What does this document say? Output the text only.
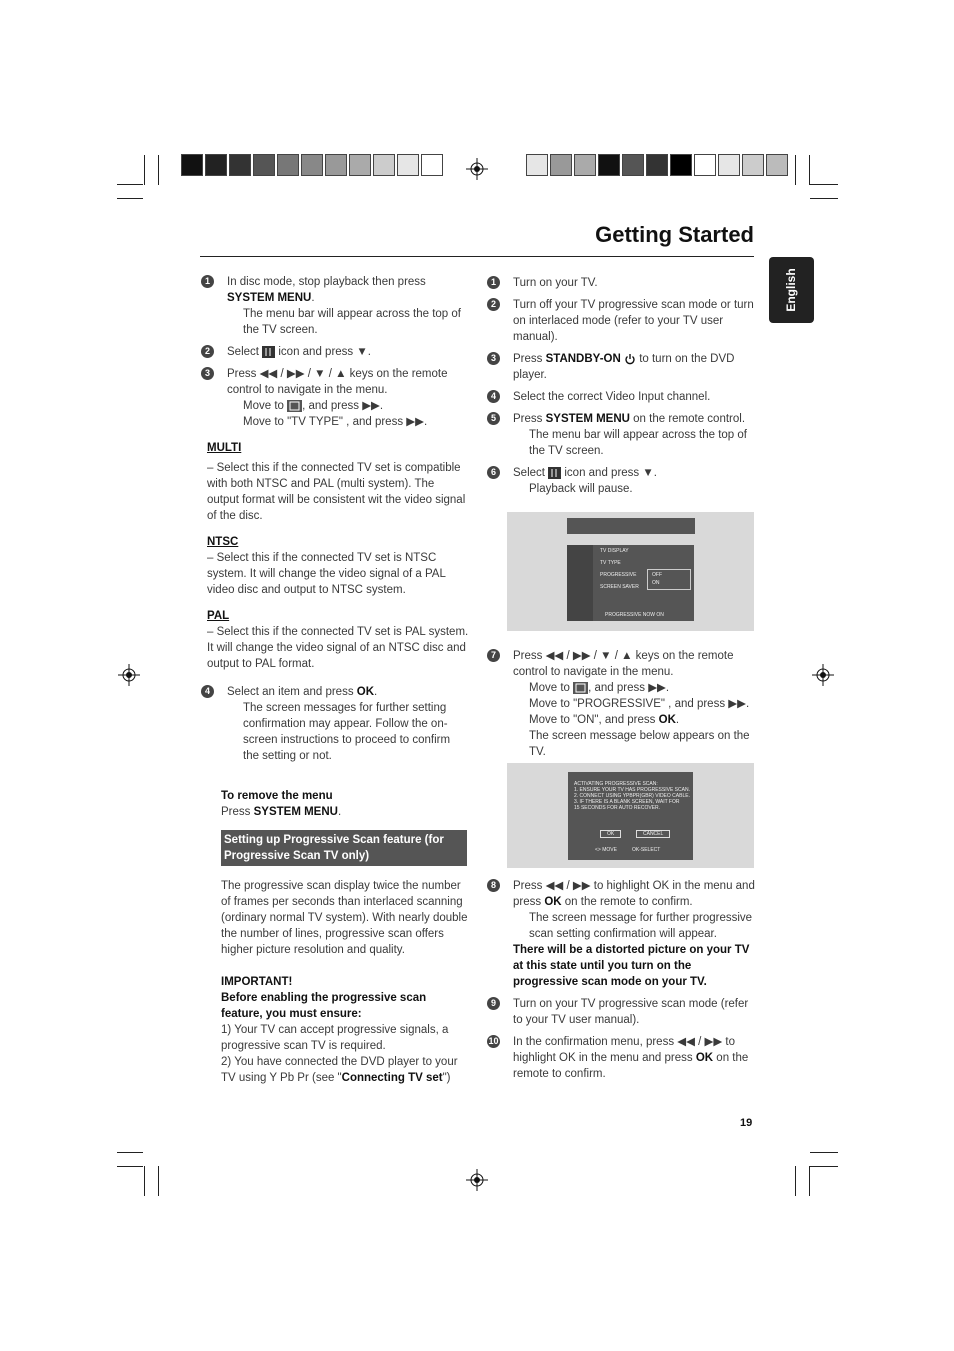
Getting Started
English
1	In disc mode, stop playback then press
SYSTEM MENU.
The menu bar will appear across the top of the TV screen.
2	Select icon and press ▼.
3	Press ◀◀ / ▶▶ / ▼ / ▲ keys on the remote control to navigate in the menu.
Move to , and press ▶▶.
Move to "TV TYPE" , and press ▶▶.
MULTI
– Select this if the connected TV set is compatible with both NTSC and PAL (multi system). The output format will be consistent wit the video signal of the disc.
NTSC
– Select this if the connected TV set is NTSC system. It will change the video signal of a PAL video disc and output to NTSC system.
PAL
– Select this if the connected TV set is PAL system. It will change the video signal of an NTSC disc and output to PAL format.
4	Select an item and press OK.
The screen messages for further setting confirmation may appear. Follow the on-screen instructions to proceed to confirm the setting or not.
To remove the menu
Press SYSTEM MENU.
Setting up Progressive Scan feature (for Progressive Scan TV only)
The progressive scan display twice the number of frames per seconds than interlaced scanning (ordinary normal TV system). With nearly double the number of lines, progressive scan offers higher picture resolution and quality.
IMPORTANT!
Before enabling the progressive scan feature, you must ensure:
1) Your TV can accept progressive signals, a progressive scan TV is required.
2) You have connected the DVD player to your TV using Y Pb Pr (see "Connecting TV set")
1	Turn on your TV.
2	Turn off your TV progressive scan mode or turn on interlaced mode (refer to your TV user manual).
3	Press STANDBY-ON to turn on the DVD player.
4	Select the correct Video Input channel.
5	Press SYSTEM MENU on the remote control.
The menu bar will appear across the top of the TV screen.
6	Select icon and press ▼.
Playback will pause.
TV DISPLAY
TV TYPE
PROGRESSIVE
SCREEN SAVER
OFF
ON
PROGRESSIVE NOW ON
7	Press ◀◀ / ▶▶ / ▼ / ▲ keys on the remote control to navigate in the menu.
Move to , and press ▶▶.
Move to "PROGRESSIVE" , and press ▶▶.
Move to "ON", and press OK.
The screen message below appears on the TV.
ACTIVATING PROGRESSIVE SCAN:
1. ENSURE YOUR TV HAS PROGRESSIVE SCAN.
2. CONNECT USING YPBPR(GBR) VIDEO CABLE.
3. IF THERE IS A BLANK SCREEN, WAIT FOR 15 SECONDS FOR AUTO RECOVER.
OK	CANCEL
<> MOVE	OK-SELECT
8	Press ◀◀ / ▶▶ to highlight OK in the menu and press OK on the remote to confirm.
The screen message for further progressive scan setting confirmation will appear.
There will be a distorted picture on your TV at this state until you turn on the progressive scan mode on your TV.
9	Turn on your TV progressive scan mode (refer to your TV user manual).
10 In the confirmation menu, press ◀◀ / ▶▶ to highlight OK in the menu and press OK on the remote to confirm.
19
